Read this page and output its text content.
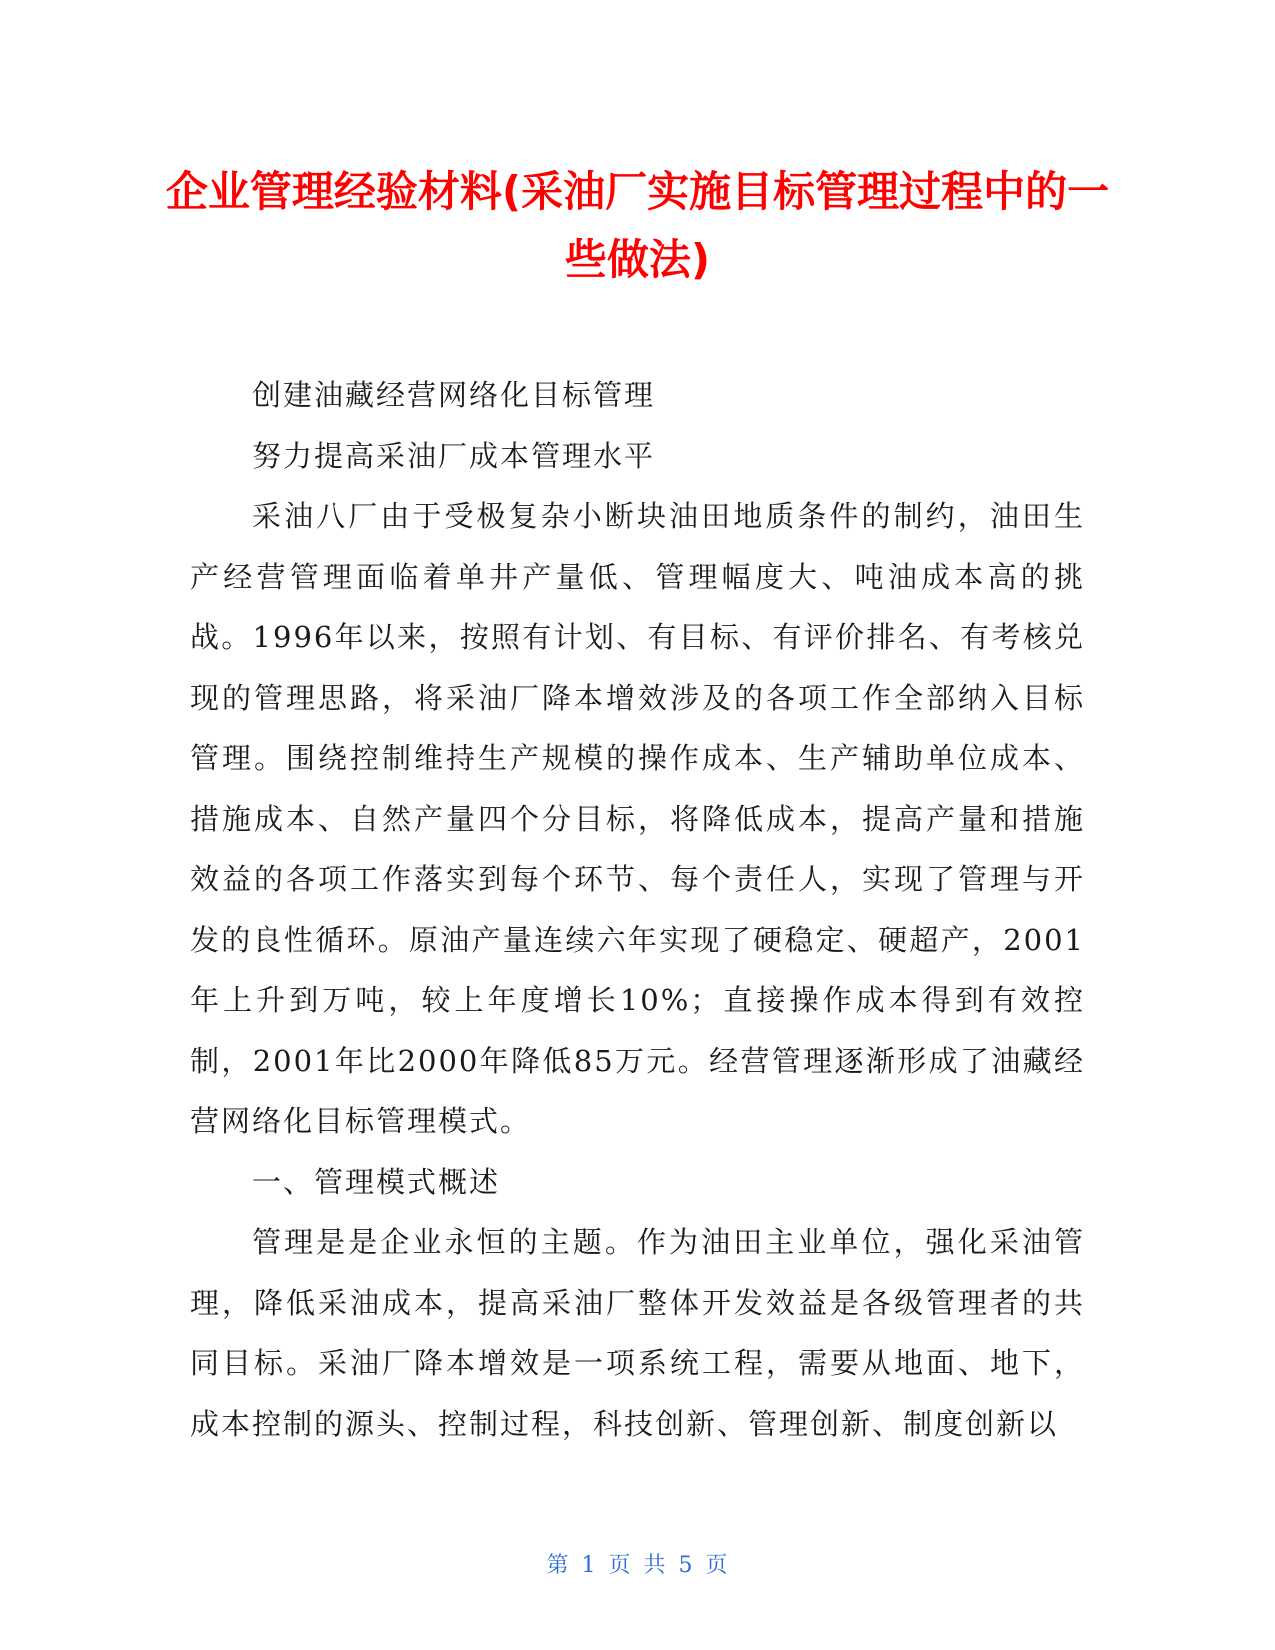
企业管理经验材料(采油厂实施目标管理过程中的一些做法)

创建油藏经营网络化目标管理

努力提高采油厂成本管理水平

采油八厂由于受极复杂小断块油田地质条件的制约，油田生产经营管理面临着单井产量低、管理幅度大、吨油成本高的挑战。1996年以来，按照有计划、有目标、有评价排名、有考核兑现的管理思路，将采油厂降本增效涉及的各项工作全部纳入目标管理。围绕控制维持生产规模的操作成本、生产辅助单位成本、措施成本、自然产量四个分目标，将降低成本，提高产量和措施效益的各项工作落实到每个环节、每个责任人，实现了管理与开发的良性循环。原油产量连续六年实现了硬稳定、硬超产，2001年上升到万吨，较上年度增长10%；直接操作成本得到有效控制，2001年比2000年降低85万元。经营管理逐渐形成了油藏经营网络化目标管理模式。

一、管理模式概述

管理是是企业永恒的主题。作为油田主业单位，强化采油管理，降低采油成本，提高采油厂整体开发效益是各级管理者的共同目标。采油厂降本增效是一项系统工程，需要从地面、地下，成本控制的源头、控制过程，科技创新、管理创新、制度创新以

第 1 页 共 5 页
